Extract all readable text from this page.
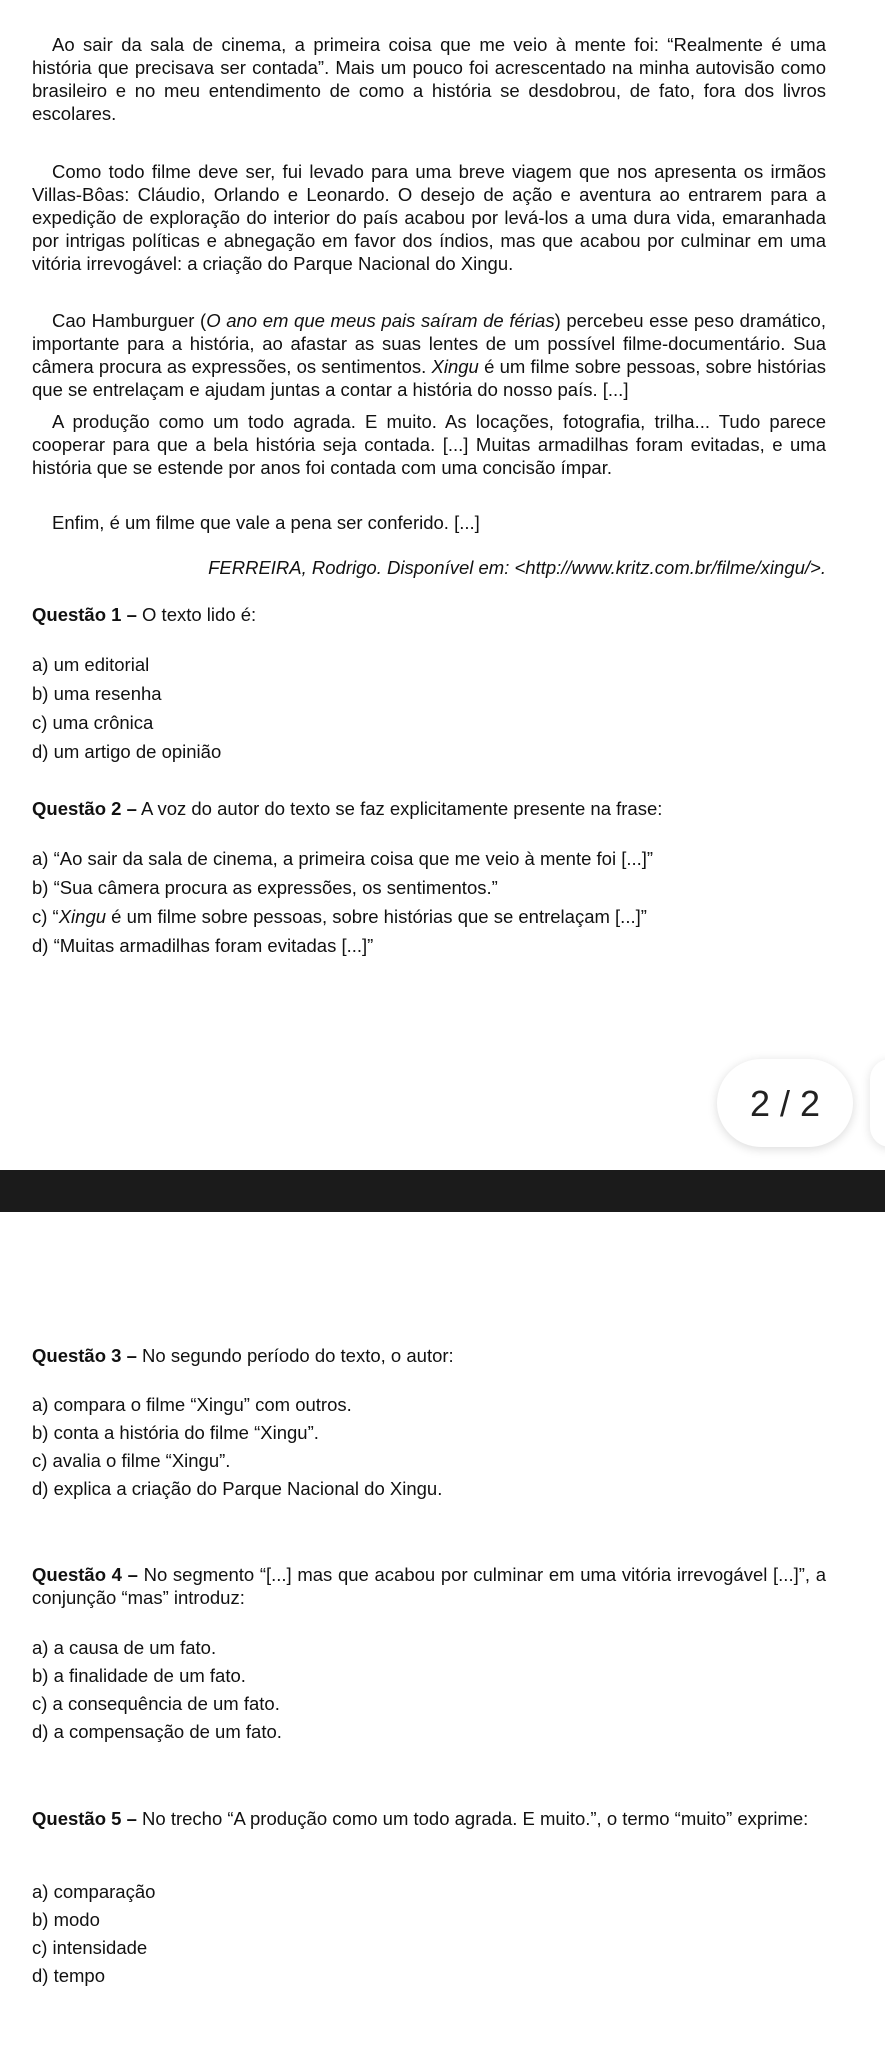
Ao sair da sala de cinema, a primeira coisa que me veio à mente foi: “Realmente é uma história que precisava ser contada”. Mais um pouco foi acrescentado na minha autovisão como brasileiro e no meu entendimento de como a história se desdobrou, de fato, fora dos livros escolares.

Como todo filme deve ser, fui levado para uma breve viagem que nos apresenta os irmãos Villas-Bôas: Cláudio, Orlando e Leonardo. O desejo de ação e aventura ao entrarem para a expedição de exploração do interior do país acabou por levá-los a uma dura vida, emaranhada por intrigas políticas e abnegação em favor dos índios, mas que acabou por culminar em uma vitória irrevogável: a criação do Parque Nacional do Xingu.

Cao Hamburguer (O ano em que meus pais saíram de férias) percebeu esse peso dramático, importante para a história, ao afastar as suas lentes de um possível filme-documentário. Sua câmera procura as expressões, os sentimentos. Xingu é um filme sobre pessoas, sobre histórias que se entrelaçam e ajudam juntas a contar a história do nosso país. [...]

A produção como um todo agrada. E muito. As locações, fotografia, trilha... Tudo parece cooperar para que a bela história seja contada. [...] Muitas armadilhas foram evitadas, e uma história que se estende por anos foi contada com uma concisão ímpar.

Enfim, é um filme que vale a pena ser conferido. [...]

FERREIRA, Rodrigo. Disponível em: <http://www.kritz.com.br/filme/xingu/>.

Questão 1 – O texto lido é:

a) um editorial

b) uma resenha

c) uma crônica

d) um artigo de opinião

Questão 2 – A voz do autor do texto se faz explicitamente presente na frase:

a) “Ao sair da sala de cinema, a primeira coisa que me veio à mente foi [...]”

b) “Sua câmera procura as expressões, os sentimentos.”

c) “Xingu é um filme sobre pessoas, sobre histórias que se entrelaçam [...]”

d) “Muitas armadilhas foram evitadas [...]”

2 / 2

Questão 3 – No segundo período do texto, o autor:

a) compara o filme “Xingu” com outros.

b) conta a história do filme “Xingu”.

c) avalia o filme “Xingu”.

d) explica a criação do Parque Nacional do Xingu.

Questão 4 – No segmento “[...] mas que acabou por culminar em uma vitória irrevogável [...]”, a conjunção “mas” introduz:

a) a causa de um fato.

b) a finalidade de um fato.

c) a consequência de um fato.

d) a compensação de um fato.

Questão 5 – No trecho “A produção como um todo agrada. E muito.”, o termo “muito” exprime:

a) comparação

b) modo

c) intensidade

d) tempo
